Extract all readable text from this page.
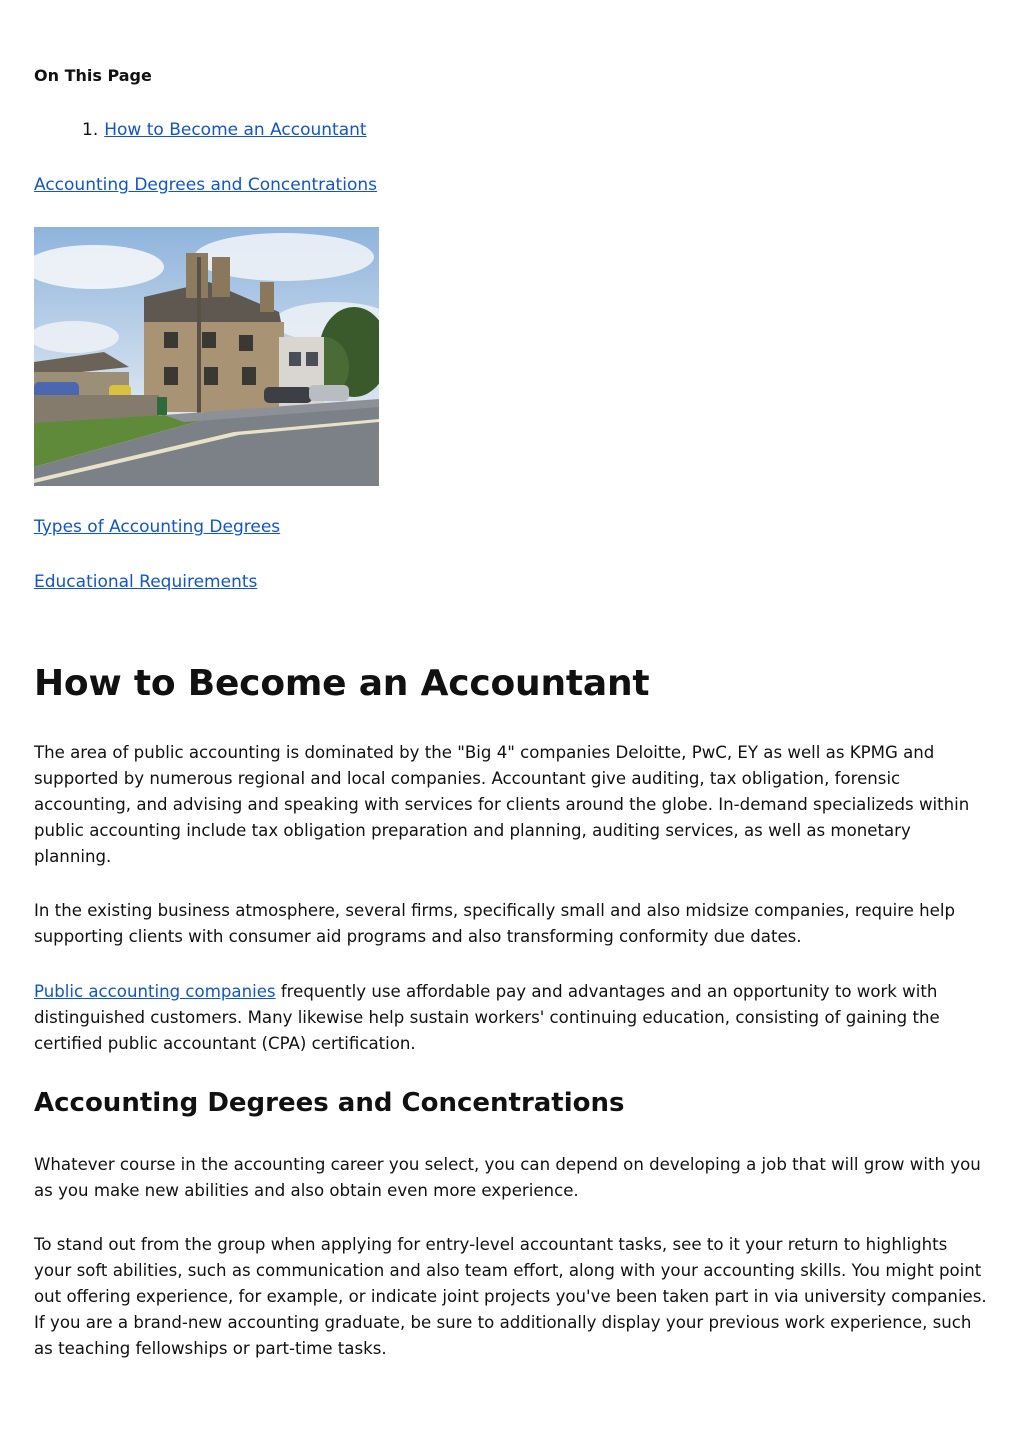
On This Page

1. How to Become an Accountant
Accounting Degrees and Concentrations
Types of Accounting Degrees
Educational Requirements
How to Become an Accountant

The area of public accounting is dominated by the "Big 4" companies Deloitte, PwC, EY as well as KPMG and supported by numerous regional and local companies. Accountant give auditing, tax obligation, forensic accounting, and advising and speaking with services for clients around the globe. In-demand specializeds within public accounting include tax obligation preparation and planning, auditing services, as well as monetary planning.

In the existing business atmosphere, several firms, specifically small and also midsize companies, require help supporting clients with consumer aid programs and also transforming conformity due dates.

Public accounting companies frequently use affordable pay and advantages and an opportunity to work with distinguished customers. Many likewise help sustain workers' continuing education, consisting of gaining the certified public accountant (CPA) certification.

Accounting Degrees and Concentrations

Whatever course in the accounting career you select, you can depend on developing a job that will grow with you as you make new abilities and also obtain even more experience.

To stand out from the group when applying for entry-level accountant tasks, see to it your return to highlights your soft abilities, such as communication and also team effort, along with your accounting skills. You might point out offering experience, for example, or indicate joint projects you've been taken part in via university companies. If you are a brand-new accounting graduate, be sure to additionally display your previous work experience, such as teaching fellowships or part-time tasks.
